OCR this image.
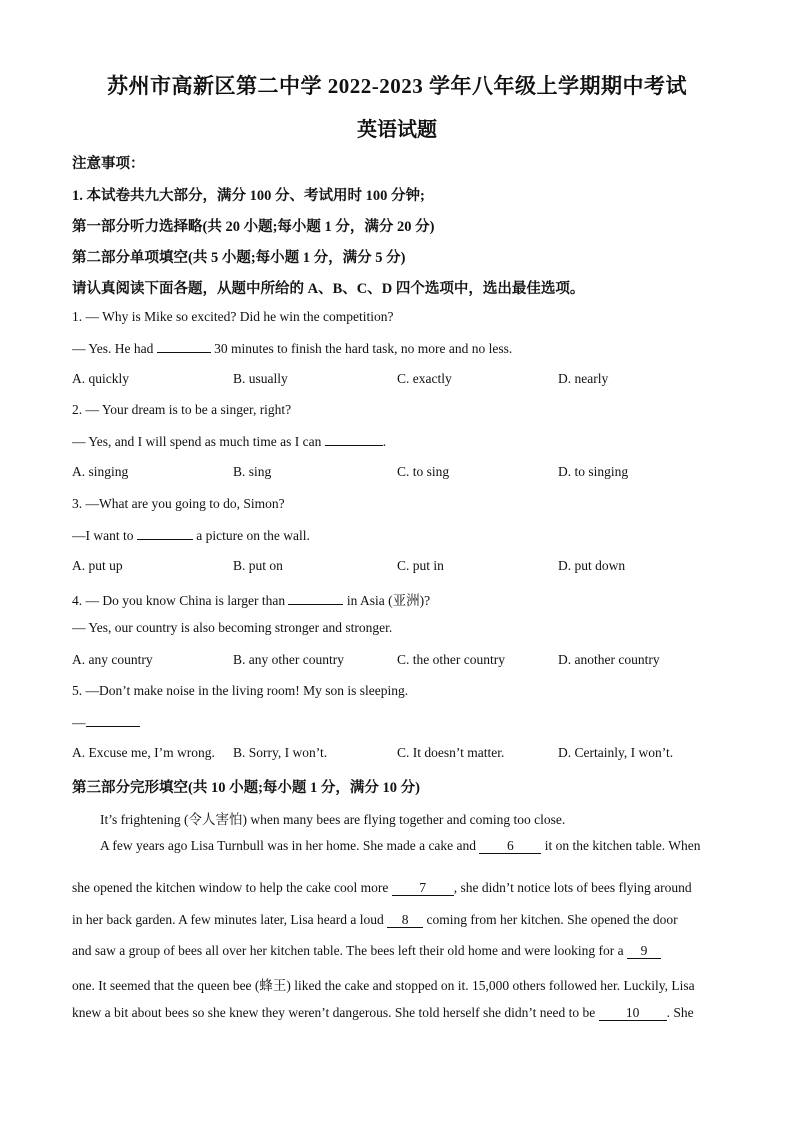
苏州市高新区第二中学 2022-2023 学年八年级上学期期中考试
英语试题
注意事项：
1. 本试卷共九大部分，满分 100 分、考试用时 100 分钟;
第一部分听力选择略(共 20 小题;每小题 1 分，满分 20 分)
第二部分单项填空(共 5 小题;每小题 1 分，满分 5 分)
请认真阅读下面各题，从题中所给的 A、B、C、D 四个选项中，选出最佳选项。
1. — Why is Mike so excited? Did he win the competition?
— Yes. He had	30 minutes to finish the hard task, no more and no less.
A. quickly	B. usually	C. exactly	D. nearly
2. — Your dream is to be a singer, right?
— Yes, and I will spend as much time as I can	.
A. singing	B. sing	C. to sing	D. to singing
3. —What are you going to do, Simon?
—I want to	a picture on the wall.
A. put up	B. put on	C. put in	D. put down
4. — Do you know China is larger than	in Asia (亚洲)?
— Yes, our country is also becoming stronger and stronger.
A. any country	B. any other country	C. the other country	D. another country
5. —Don’t make noise in the living room! My son is sleeping.
—
A. Excuse me, I’m wrong. B. Sorry, I won’t.	C. It doesn’t matter.	D. Certainly, I won’t.
第三部分完形填空(共 10 小题;每小题 1 分，满分 10 分)
It’s frightening (令人害怕) when many bees are flying together and coming too close.
A few years ago Lisa Turnbull was in her home. She made a cake and 6 it on the kitchen table. When
she opened the kitchen window to help the cake cool more 7 , she didn’t notice lots of bees flying around
in her back garden. A few minutes later, Lisa heard a loud 8 coming from her kitchen. She opened the door
and saw a group of bees all over her kitchen table. The bees left their old home and were looking for a 9
one. It seemed that the queen bee (蜂王) liked the cake and stopped on it. 15,000 others followed her. Luckily, Lisa
knew a bit about bees so she knew they weren’t dangerous. She told herself she didn’t need to be 10 . She
